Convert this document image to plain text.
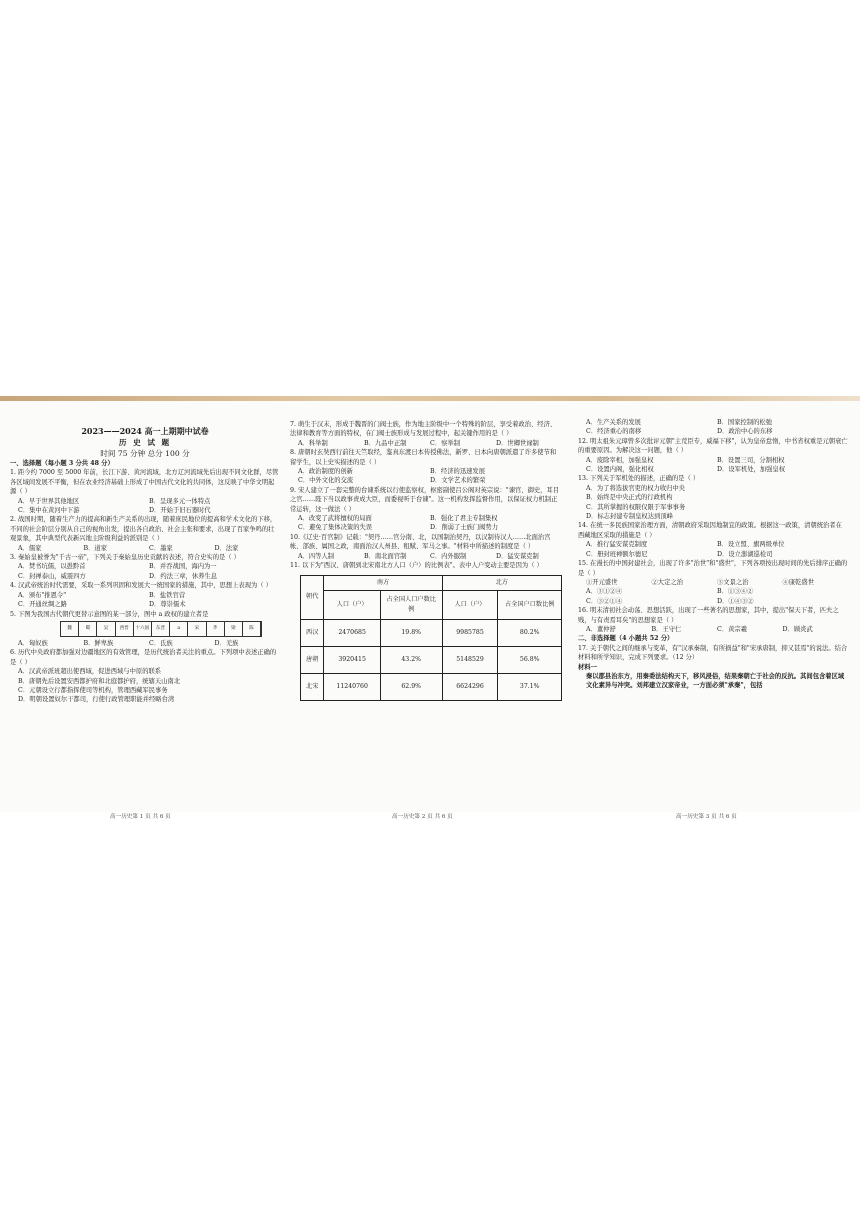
2023——2024 高一上期期中试卷

历 史 试 题

时间 75 分钟 总分 100 分

一、选择题（每小题 3 分共 48 分）

1. 距今约 7000 至 5000 年前，长江下游、黄河流域，北方辽河流域先后出现不同文化群，尽管各区域间发展不平衡，但在农业经济基础上形成了中国古代文化的共同体，这反映了中华文明起源（ ）

A．早于世界其他地区	B．呈现多元一体特点
C．集中在黄河中下游	D．开始于旧石器时代

2. 战国时期，随着生产力的提高和新生产关系的出现，随着庶民地位的提高和学术文化的下移，不同的社会阶层分别从自己的视角出发，提出各自政治、社会主张和要求，出现了百家争鸣的壮观景象，其中典型代表新兴地主阶级利益的派别是（ ）

A．儒家	B．道家	C．墨家	D．法家

3. 秦始皇被誉为"千古一帝"，下列关于秦始皇历史贡献的表述，符合史实的是（ ）

A．焚书坑儒，以愚黔首	B．并吞战国，海内为一
C．封禅泰山，威震四方	D．约法三章，休养生息

4. 汉武帝统治时代需要，采取一系列巩固和发展大一统国家的措施，其中，思想上表现为（ ）

A．颁布"推恩令"	B．盐铁官营
C．开通丝绸之路	D．尊崇儒术

5. 下图为我国古代朝代更替示意图的某一部分，图中 a 政权的建立者是

魏	蜀	吴	西晋	十六国	东晋	a	宋	齐	梁	陈
A．匈奴族	B．鲜卑族	C．氐族	D．羌族

6. 历代中央政府都加强对边疆地区的有效管理，是历代统治者关注的重点。下列项中表述正确的是（ ）

A．汉武帝派班超出使西域，促进西域与中原的联系

B．唐朝先后设置安西都护府和北庭都护府，统辖天山南北

C．元朝设立行都指挥使司等机构，管理西藏军民事务

D．明朝设置奴尔干都司，行使行政管理职能并经略台湾

高一历史第 1 页 共 6 页

7. 萌生于汉末，形成于魏晋的门阀士族，作为地主阶级中一个特殊的阶层，享受着政治、经济、法律和教育等方面的特权，在门阀士族形成与发展过程中，起关键作用的是（ ）

A．科举制	B．九品中正制	C．察举制	D．世卿世禄制

8. 唐朝时玄奘西行前往天竺取经，鉴真东渡日本传授佛法，新罗、日本向唐朝派遣了许多使节和留学生，以上史实描述的是（ ）

A．政治制度的创新	B．经济的迅速发展
C．中外文化的交流	D．文学艺术的繁荣

9. 宋人建立了一套完整的台谏系统以行使监察权，枢密副使吕公阁对英宗说："谏官、御史，耳目之官……陛下当以政事责成大臣，而委视听于台谏"。这一机构发挥监督作用，以保证权力机制正常运转，这一做法（ ）

A．改变了武将擅权的局面	B．强化了君主专制集权
C．避免了集体决策的失误	D．削弱了士族门阀势力

10.《辽史·百官制》记载："契丹……官分南、北，以国制治契丹，以汉制待汉人……北面治宫帐、部族、属国之政，南面治汉人州县、租赋、军马之事。"材料中所描述的制度是（ ）

A．四等人制	B．南北面官制	C．内外服制	D．猛安谋克制

11. 以下为"西汉、唐朝到北宋南北方人口（户）的比例表"。表中人户变动主要是因为（ ）

朝代	南方		北方	
	人口（户）	占全国人口户数比例	人口（户）	占全国户口数比例
西汉	2470685	19.8%	9985785	80.2%
唐朝	3920415	43.2%	5148529	56.8%
北宋	11240760	62.9%	6624296	37.1%
高一历史第 2 页 共 6 页
A．生产关系的发展	B．国家控制的松弛
C．经济重心的南移	D．政治中心的东移

12. 明太祖朱元璋曾多次批评元朝"主荒臣专，威福下移"，认为皇帝怠惰，中书省权重是元朝衰亡的重要原因。为解决这一问题，他（ ）

A．废除宰相，加强皇权	B．设置三司，分割相权
C．设置内阁，强化相权	D．设军机处，加强皇权

13. 下列关于军机处的描述，正确的是（ ）

A．为了将选拔官吏的权力收归中央

B．始终是中央正式的行政机构

C．其所掌握的权限仅限于军事事务

D．标志封建专制皇权达到顶峰

14. 在统一多民族国家治理方面，清朝政府采取因地制宜的政策。根据这一政策，清朝统治者在西藏地区采取的措施是（ ）

A．推行猛安谋克制度	B．设立盟、旗两级单位
C．册封班禅额尔德尼	D．设立澎湖巡检司

15. 在漫长的中国封建社会，出现了许多"治世"和"盛世"，下列各项按出现时间的先后排序正确的是（ ）

①开元盛世	②大定之治	③文景之治	④康乾盛世
A．③①②④	B．①③④②
C．③②①④	D．①④③②

16. 明末清初社会动荡、思想活跃，出现了一些著名的思想家，其中，提出"保天下者，匹夫之贱，与有责焉耳矣"的思想家是（ ）

A．董仲舒	B．王守仁	C．黄宗羲	D．顾炎武

二、非选择题（4 小题共 52 分）

17. 关于朝代之间的继承与变革，有"汉承秦制，有所损益"和"宋承唐制，抑又甚焉"的说法。结合材料和所学知识，完成下列要求。（12 分）

材料一

秦以郡县治东方，用秦委法结构天下，移风浸俗，结果秦朝亡于社会的反抗。其间包含着区域文化素异与冲突。刘邦建立汉家帝业，一方面必须"承秦"，包括

高一历史第 3 页 共 6 页
